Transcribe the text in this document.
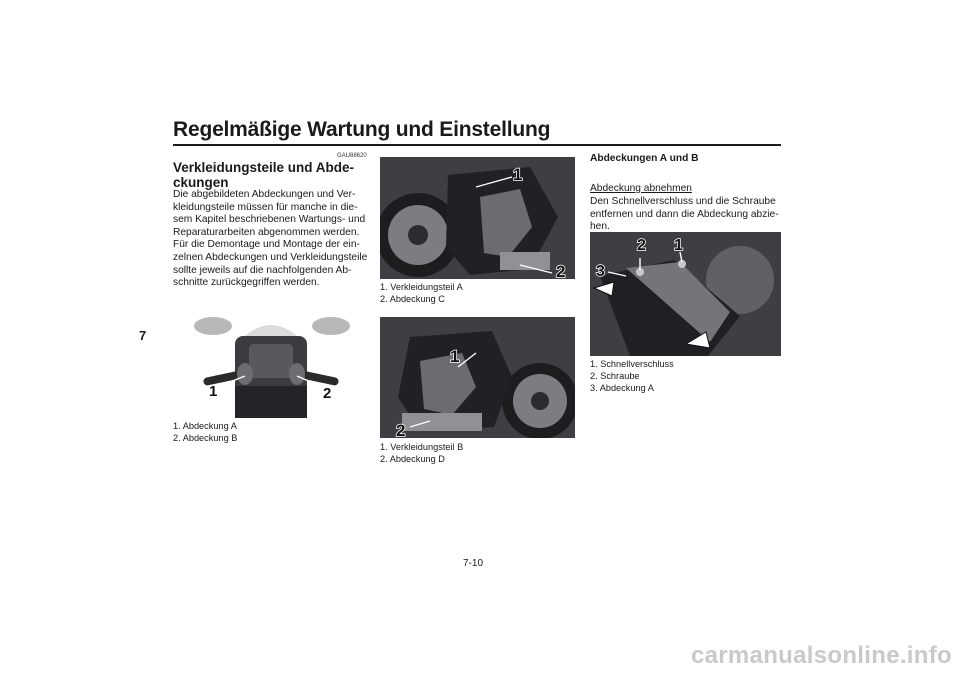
Regelmäßige Wartung und Einstellung
7
GAU88620
Verkleidungsteile und Abde-ckungen
Die abgebildeten Abdeckungen und Ver-kleidungsteile müssen für manche in die-sem Kapitel beschriebenen Wartungs- und Reparaturarbeiten abgenommen werden. Für die Demontage und Montage der ein-zelnen Abdeckungen und Verkleidungsteile sollte jeweils auf die nachfolgenden Ab-schnitte zurückgegriffen werden.
1	2
1. Abdeckung A
2. Abdeckung B
1
2
1. Verkleidungsteil A
2. Abdeckung C
1
2
1. Verkleidungsteil B
2. Abdeckung D
Abdeckungen A und B
Abdeckung abnehmen
Den Schnellverschluss und die Schraube entfernen und dann die Abdeckung abzie-hen.
2 1
3
1. Schnellverschluss
2. Schraube
3. Abdeckung A
7-10
carmanualsonline.info
